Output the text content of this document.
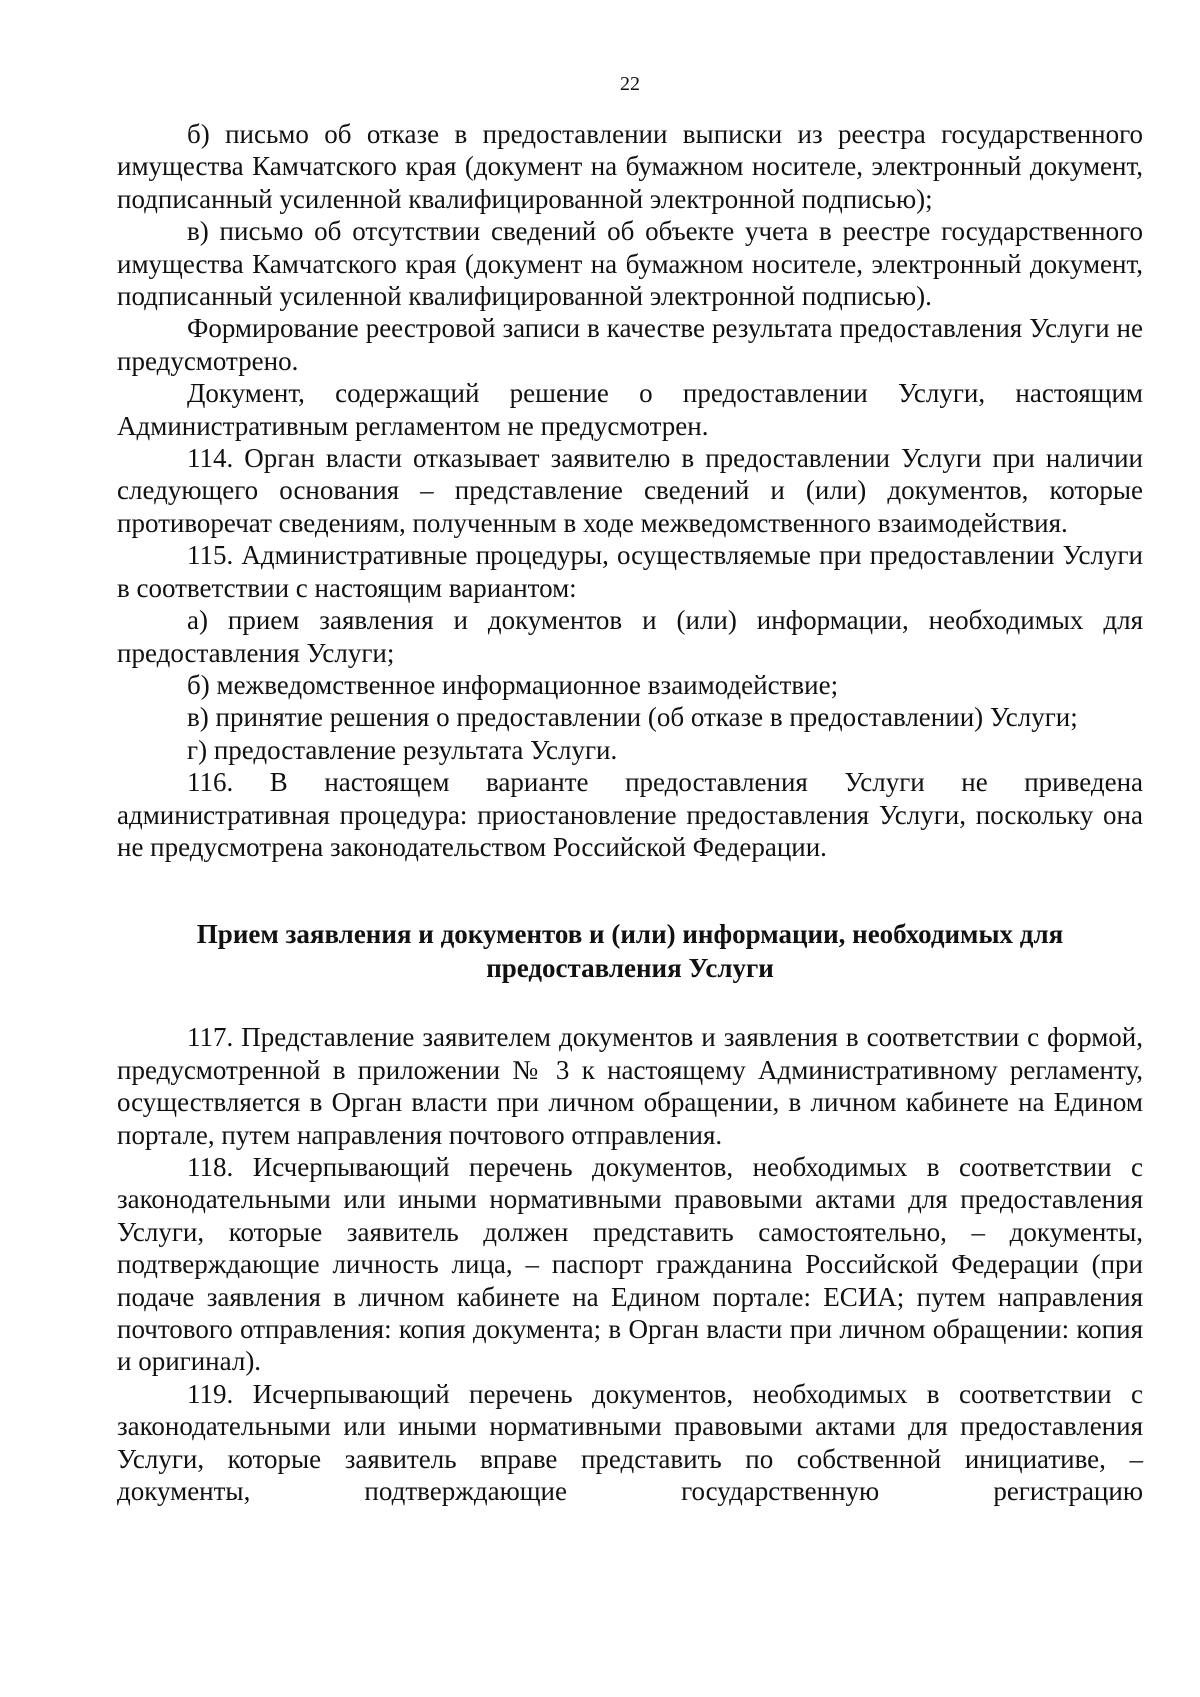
22

б) письмо об отказе в предоставлении выписки из реестра государственного имущества Камчатского края (документ на бумажном носителе, электронный документ, подписанный усиленной квалифицированной электронной подписью);

в) письмо об отсутствии сведений об объекте учета в реестре государственного имущества Камчатского края (документ на бумажном носителе, электронный документ, подписанный усиленной квалифицированной электронной подписью).

Формирование реестровой записи в качестве результата предоставления Услуги не предусмотрено.

Документ, содержащий решение о предоставлении Услуги, настоящим Административным регламентом не предусмотрен.

114. Орган власти отказывает заявителю в предоставлении Услуги при наличии следующего основания – представление сведений и (или) документов, которые противоречат сведениям, полученным в ходе межведомственного взаимодействия.

115. Административные процедуры, осуществляемые при предоставлении Услуги в соответствии с настоящим вариантом:

а) прием заявления и документов и (или) информации, необходимых для предоставления Услуги;

б) межведомственное информационное взаимодействие;

в) принятие решения о предоставлении (об отказе в предоставлении) Услуги;

г) предоставление результата Услуги.

116. В настоящем варианте предоставления Услуги не приведена административная процедура: приостановление предоставления Услуги, поскольку она не предусмотрена законодательством Российской Федерации.

Прием заявления и документов и (или) информации, необходимых для предоставления Услуги

117. Представление заявителем документов и заявления в соответствии с формой, предусмотренной в приложении № 3 к настоящему Административному регламенту, осуществляется в Орган власти при личном обращении, в личном кабинете на Едином портале, путем направления почтового отправления.

118. Исчерпывающий перечень документов, необходимых в соответствии с законодательными или иными нормативными правовыми актами для предоставления Услуги, которые заявитель должен представить самостоятельно, – документы, подтверждающие личность лица, – паспорт гражданина Российской Федерации (при подаче заявления в личном кабинете на Едином портале: ЕСИА; путем направления почтового отправления: копия документа; в Орган власти при личном обращении: копия и оригинал).

119. Исчерпывающий перечень документов, необходимых в соответствии с законодательными или иными нормативными правовыми актами для предоставления Услуги, которые заявитель вправе представить по собственной инициативе, – документы, подтверждающие государственную регистрацию
